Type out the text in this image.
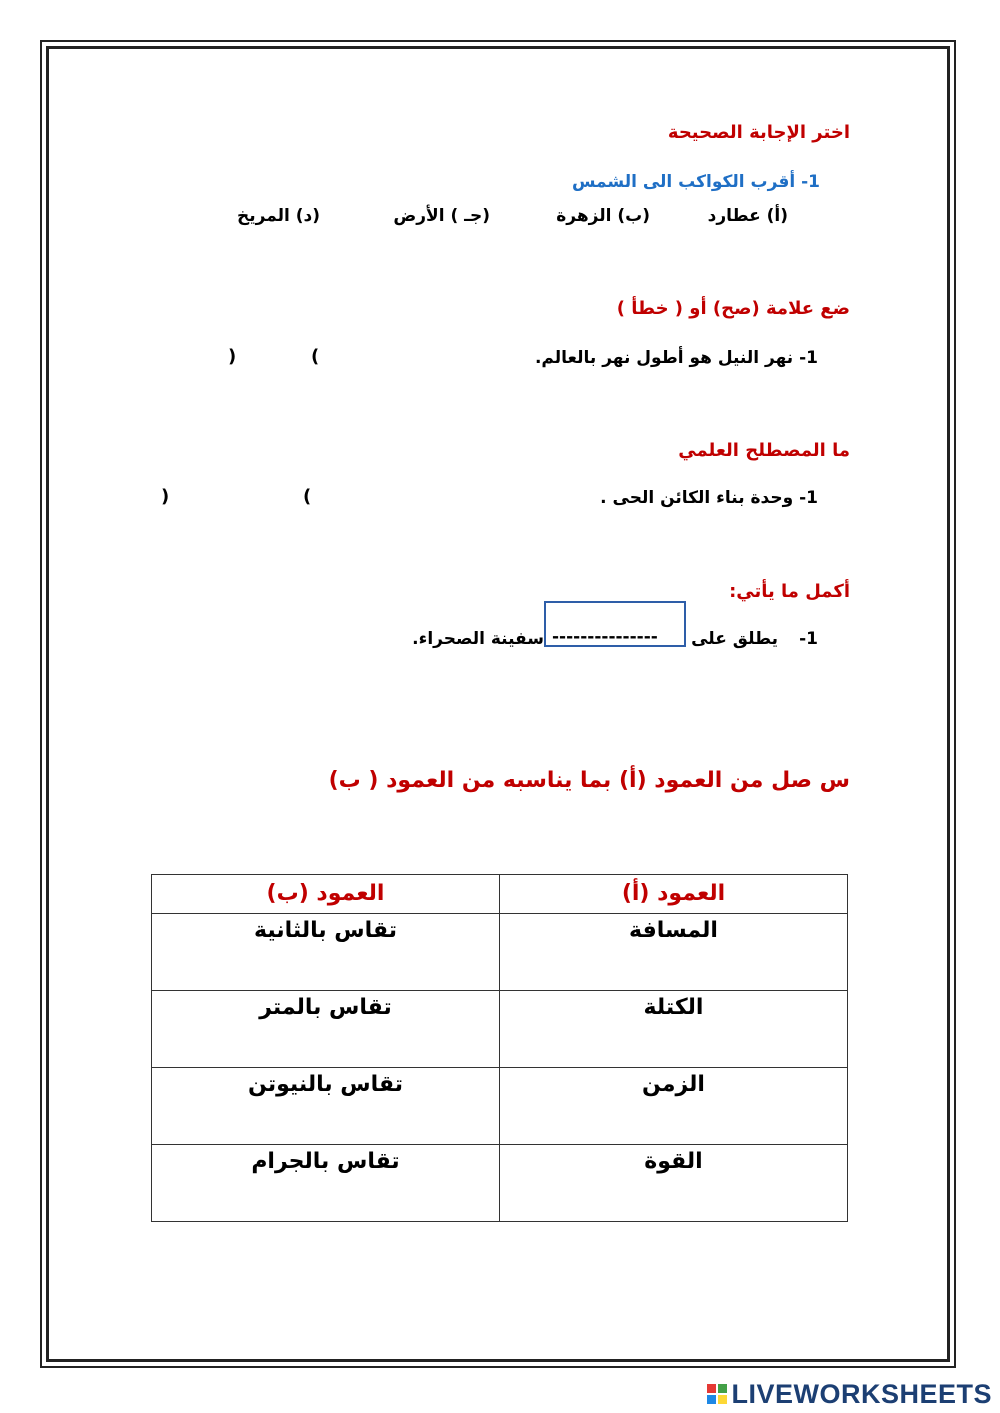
اختر الإجابة الصحيحة
1- أقرب الكواكب الى الشمس
(أ) عطارد
(ب) الزهرة
(جـ ) الأرض
(د) المريخ
ضع علامة (صح) أو ( خطأ )
1- نهر النيل هو أطول نهر بالعالم.
(
)
ما المصطلح العلمي
1- وحدة بناء الكائن الحى .
(
)
أكمل ما يأتي:
1-
يطلق على
---------------
سفينة الصحراء.
س صل من العمود (أ) بما يناسبه من العمود ( ب)
العمود (أ)	العمود (ب)
المسافة	تقاس بالثانية
الكتلة	تقاس بالمتر
الزمن	تقاس بالنيوتن
القوة	تقاس بالجرام
LIVEWORKSHEETS
